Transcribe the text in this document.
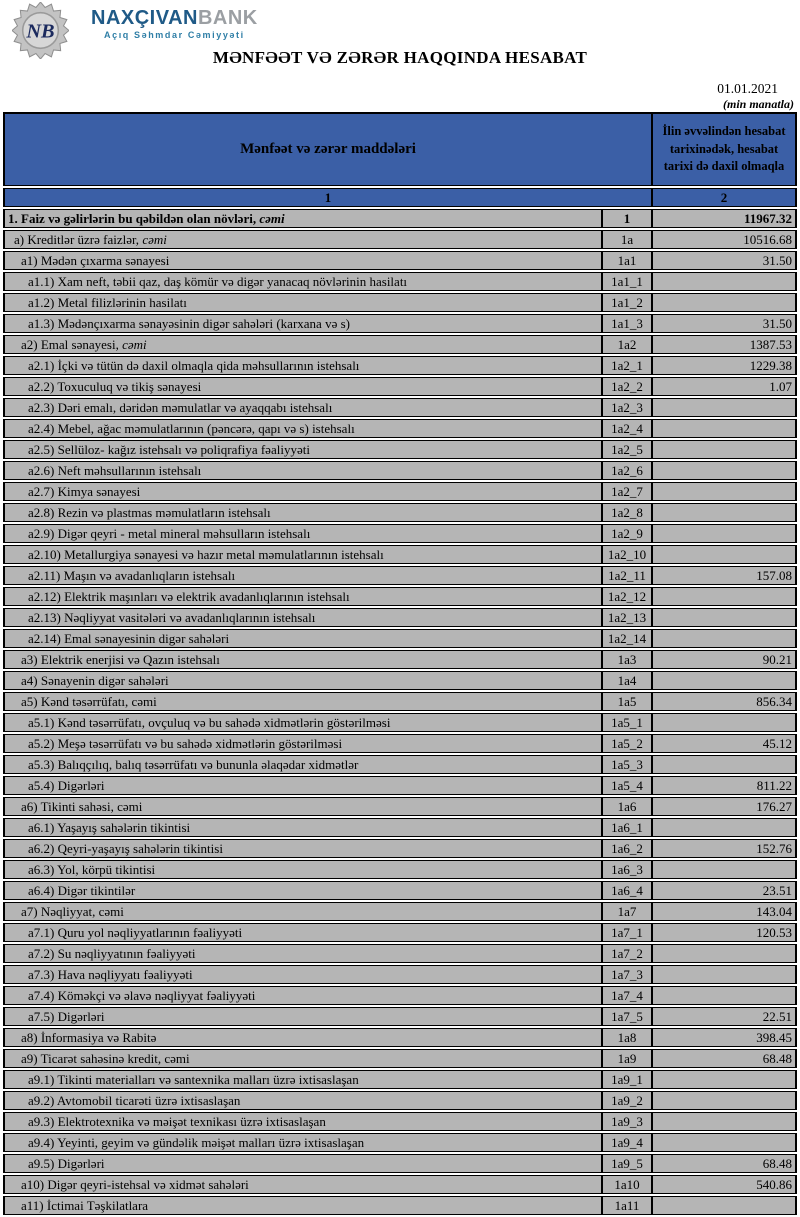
NB
NAXÇIVANBANK
Açıq Səhmdar Cəmiyyəti
MƏNFƏƏT VƏ ZƏRƏR HAQQINDA HESABAT
01.01.2021
(min manatla)
Mənfəət və zərər maddələri		İlin əvvəlindən hesabat tarixinədək, hesabat tarixi də daxil olmaqla
1		2
1. Faiz və gəlirlərin bu qəbildən olan növləri, cəmi	1	11967.32
a) Kreditlər üzrə faizlər, cəmi	1a	10516.68
a1) Mədən çıxarma sənayesi	1a1	31.50
a1.1) Xam neft, təbii qaz, daş kömür və digər yanacaq növlərinin hasilatı	1a1_1	
a1.2) Metal filizlərinin hasilatı	1a1_2	
a1.3) Mədənçıxarma sənayəsinin digər sahələri (karxana və s)	1a1_3	31.50
a2) Emal sənayesi, cəmi	1a2	1387.53
a2.1) İçki və tütün də daxil olmaqla qida məhsullarının istehsalı	1a2_1	1229.38
a2.2) Toxuculuq və tikiş sənayesi	1a2_2	1.07
a2.3) Dəri emalı, dəridən məmulatlar və ayaqqabı istehsalı	1a2_3	
a2.4) Mebel, ağac məmulatlarının (pəncərə, qapı və s) istehsalı	1a2_4	
a2.5) Sellüloz- kağız istehsalı və poliqrafiya fəaliyyəti	1a2_5	
a2.6) Neft məhsullarının istehsalı	1a2_6	
a2.7) Kimya sənayesi	1a2_7	
a2.8) Rezin və plastmas məmulatların istehsalı	1a2_8	
a2.9) Digər qeyri - metal mineral məhsulların istehsalı	1a2_9	
a2.10) Metallurgiya sənayesi və hazır metal məmulatlarının istehsalı	1a2_10	
a2.11) Maşın və avadanlıqların istehsalı	1a2_11	157.08
a2.12) Elektrik maşınları və elektrik avadanlıqlarının istehsalı	1a2_12	
a2.13) Nəqliyyat vasitələri və avadanlıqlarının istehsalı	1a2_13	
a2.14) Emal sənayesinin digər sahələri	1a2_14	
a3) Elektrik enerjisi və Qazın istehsalı	1a3	90.21
a4) Sənayenin digər sahələri	1a4	
a5) Kənd təsərrüfatı, cəmi	1a5	856.34
a5.1) Kənd təsərrüfatı, ovçuluq və bu sahədə xidmətlərin göstərilməsi	1a5_1	
a5.2) Meşə təsərrüfatı və bu sahədə xidmətlərin göstərilməsi	1a5_2	45.12
a5.3) Balıqçılıq, balıq təsərrüfatı və bununla əlaqədar xidmətlər	1a5_3	
a5.4) Digərləri	1a5_4	811.22
a6) Tikinti sahəsi, cəmi	1a6	176.27
a6.1) Yaşayış sahələrin tikintisi	1a6_1	
a6.2) Qeyri-yaşayış sahələrin tikintisi	1a6_2	152.76
a6.3) Yol, körpü tikintisi	1a6_3	
a6.4) Digər tikintilər	1a6_4	23.51
a7) Nəqliyyat, cəmi	1a7	143.04
a7.1) Quru yol nəqliyyatlarının fəaliyyəti	1a7_1	120.53
a7.2) Su nəqliyyatının fəaliyyəti	1a7_2	
a7.3) Hava nəqliyyatı fəaliyyəti	1a7_3	
a7.4) Köməkçi və əlavə nəqliyyat fəaliyyəti	1a7_4	
a7.5) Digərləri	1a7_5	22.51
a8) İnformasiya və Rabitə	1a8	398.45
a9) Ticarət sahəsinə kredit, cəmi	1a9	68.48
a9.1) Tikinti materialları və santexnika malları üzrə ixtisaslaşan	1a9_1	
a9.2) Avtomobil ticarəti üzrə ixtisaslaşan	1a9_2	
a9.3) Elektrotexnika və məişət texnikası üzrə ixtisaslaşan	1a9_3	
a9.4) Yeyinti, geyim və gündəlik məişət malları üzrə ixtisaslaşan	1a9_4	
a9.5) Digərləri	1a9_5	68.48
a10) Digər qeyri-istehsal və xidmət sahələri	1a10	540.86
a11) İctimai Təşkilatlara	1a11	
